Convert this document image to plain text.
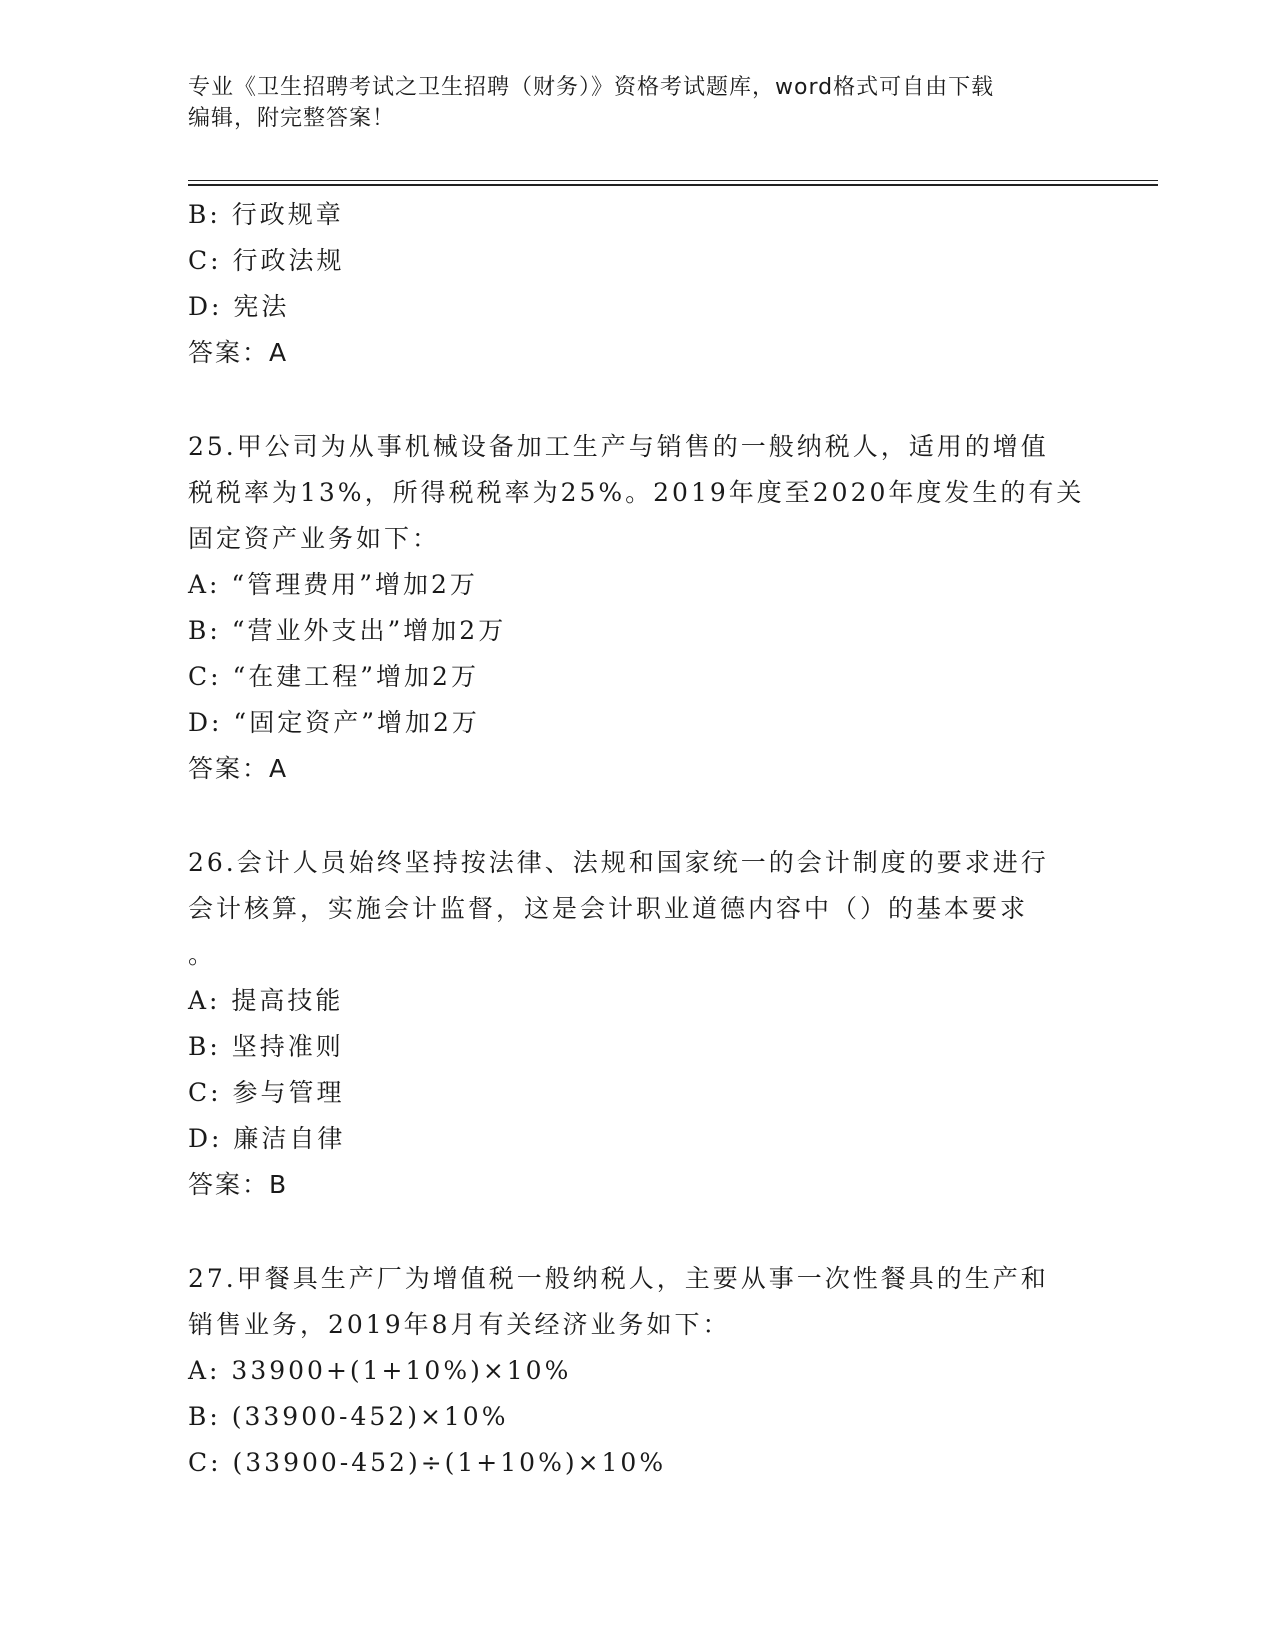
专业《卫生招聘考试之卫生招聘（财务）》资格考试题库，word格式可自由下载
编辑，附完整答案！
B: 行政规章
C: 行政法规
D: 宪法
答案：A
25.甲公司为从事机械设备加工生产与销售的一般纳税人，适用的增值
税税率为13%，所得税税率为25%。2019年度至2020年度发生的有关
固定资产业务如下：
A: “管理费用”增加2万
B: “营业外支出”增加2万
C: “在建工程”增加2万
D: “固定资产”增加2万
答案：A
26.会计人员始终坚持按法律、法规和国家统一的会计制度的要求进行
会计核算，实施会计监督，这是会计职业道德内容中（）的基本要求
。
A: 提高技能
B: 坚持准则
C: 参与管理
D: 廉洁自律
答案：B
27.甲餐具生产厂为增值税一般纳税人，主要从事一次性餐具的生产和
销售业务，2019年8月有关经济业务如下：
A: 33900+(1+10%)×10%
B: (33900-452)×10%
C: (33900-452)÷(1+10%)×10%
